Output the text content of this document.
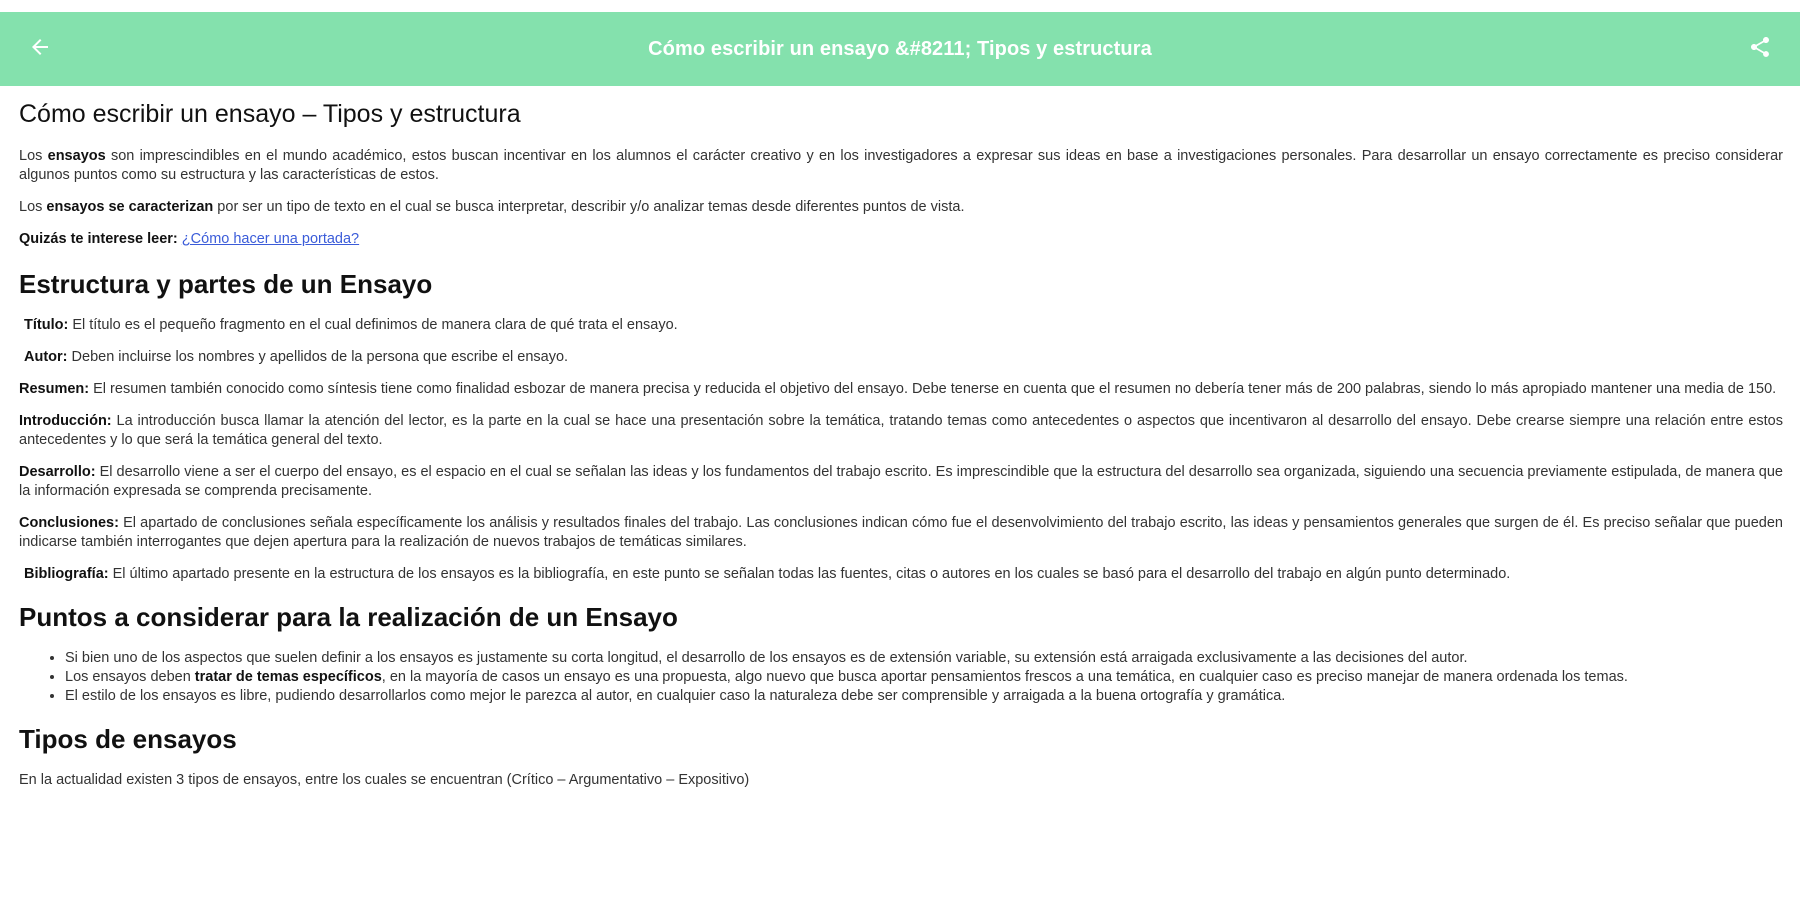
Cómo escribir un ensayo &#8211; Tipos y estructura
Cómo escribir un ensayo – Tipos y estructura

Los ensayos son imprescindibles en el mundo académico, estos buscan incentivar en los alumnos el carácter creativo y en los investigadores a expresar sus ideas en base a investigaciones personales. Para desarrollar un ensayo correctamente es preciso considerar algunos puntos como su estructura y las características de estos.

Los ensayos se caracterizan por ser un tipo de texto en el cual se busca interpretar, describir y/o analizar temas desde diferentes puntos de vista.

Quizás te interese leer: ¿Cómo hacer una portada?

Estructura y partes de un Ensayo

Título: El título es el pequeño fragmento en el cual definimos de manera clara de qué trata el ensayo.

Autor: Deben incluirse los nombres y apellidos de la persona que escribe el ensayo.

Resumen: El resumen también conocido como síntesis tiene como finalidad esbozar de manera precisa y reducida el objetivo del ensayo. Debe tenerse en cuenta que el resumen no debería tener más de 200 palabras, siendo lo más apropiado mantener una media de 150.

Introducción: La introducción busca llamar la atención del lector, es la parte en la cual se hace una presentación sobre la temática, tratando temas como antecedentes o aspectos que incentivaron al desarrollo del ensayo. Debe crearse siempre una relación entre estos antecedentes y lo que será la temática general del texto.

Desarrollo: El desarrollo viene a ser el cuerpo del ensayo, es el espacio en el cual se señalan las ideas y los fundamentos del trabajo escrito. Es imprescindible que la estructura del desarrollo sea organizada, siguiendo una secuencia previamente estipulada, de manera que la información expresada se comprenda precisamente.

Conclusiones: El apartado de conclusiones señala específicamente los análisis y resultados finales del trabajo. Las conclusiones indican cómo fue el desenvolvimiento del trabajo escrito, las ideas y pensamientos generales que surgen de él. Es preciso señalar que pueden indicarse también interrogantes que dejen apertura para la realización de nuevos trabajos de temáticas similares.

Bibliografía: El último apartado presente en la estructura de los ensayos es la bibliografía, en este punto se señalan todas las fuentes, citas o autores en los cuales se basó para el desarrollo del trabajo en algún punto determinado.

Puntos a considerar para la realización de un Ensayo
• Si bien uno de los aspectos que suelen definir a los ensayos es justamente su corta longitud, el desarrollo de los ensayos es de extensión variable, su extensión está arraigada exclusivamente a las decisiones del autor.
• Los ensayos deben tratar de temas específicos, en la mayoría de casos un ensayo es una propuesta, algo nuevo que busca aportar pensamientos frescos a una temática, en cualquier caso es preciso manejar de manera ordenada los temas.
• El estilo de los ensayos es libre, pudiendo desarrollarlos como mejor le parezca al autor, en cualquier caso la naturaleza debe ser comprensible y arraigada a la buena ortografía y gramática.
Tipos de ensayos

En la actualidad existen 3 tipos de ensayos, entre los cuales se encuentran (Crítico – Argumentativo – Expositivo)
